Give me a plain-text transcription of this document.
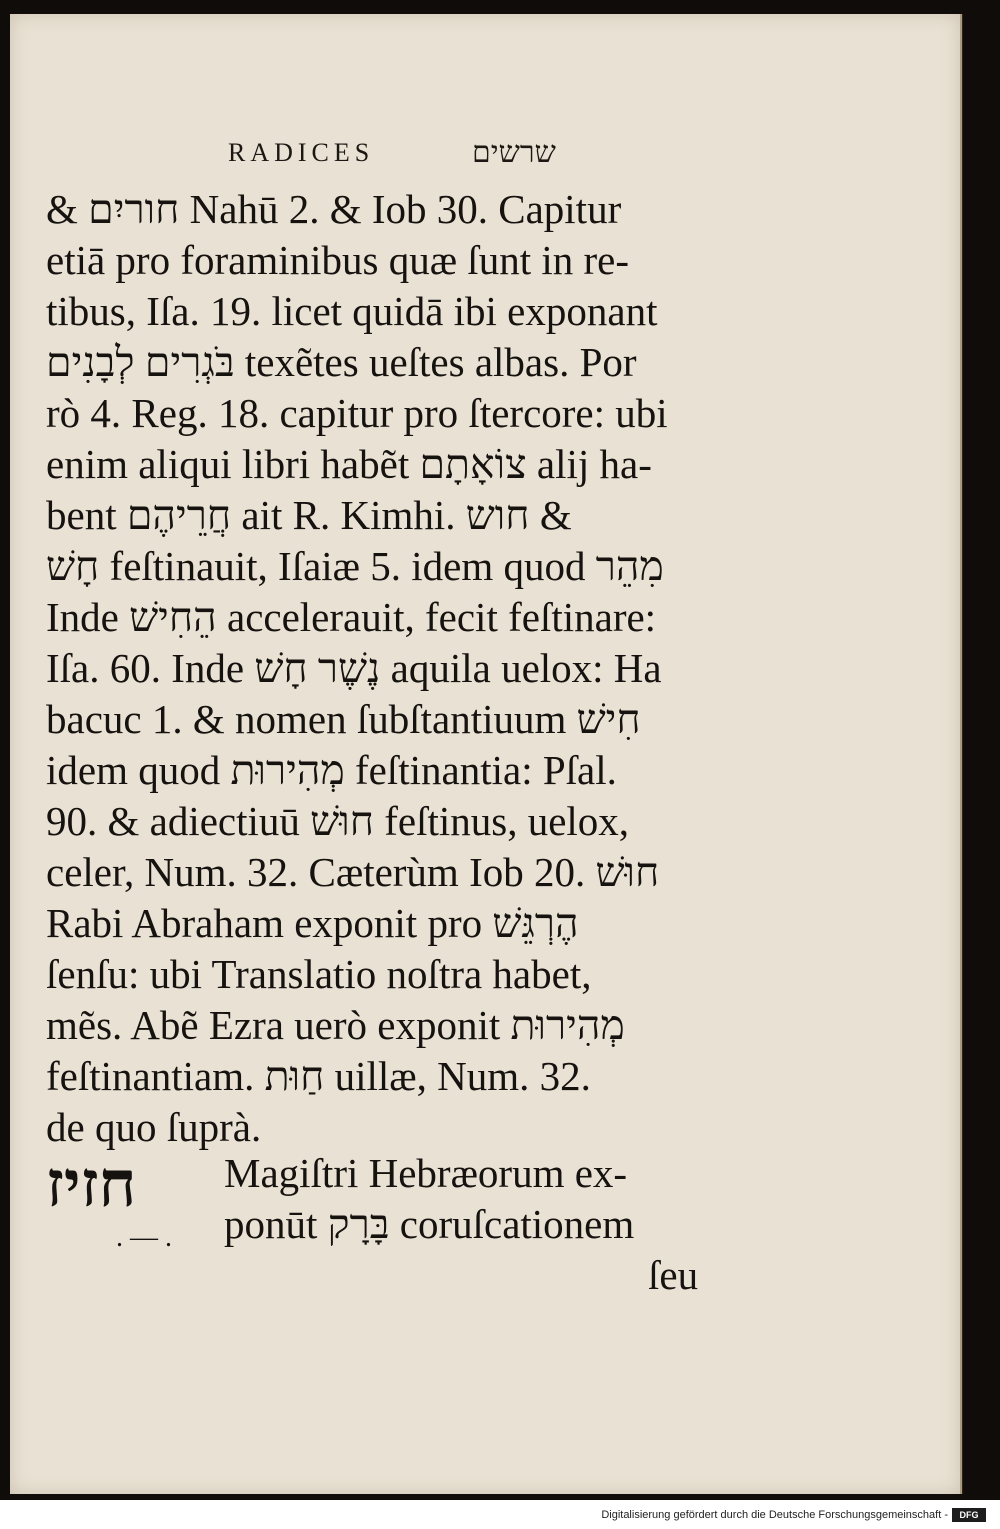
RADICES	שרשים
& חוריִם Nahū 2. & Iob 30. Capitur
etiā pro foraminibus quæ ſunt in re-
tibus, Iſa. 19. licet quidā ibi exponant
בֹּגְרִים לְבָנִים texẽtes ueſtes albas. Por
rò 4. Reg. 18. capitur pro ſtercore: ubi
enim aliqui libri habẽt צוֹאָתָם alij ha-
bent חֲרֵיהֶם ait R. Kimhi. חוש &
חָשׁ feſtinauit, Iſaiæ 5. idem quod מִהֵר
Inde הֵחִישׁ accelerauit, fecit feſtinare:
Iſa. 60. Inde נֶשֶׁר חָשׁ aquila uelox: Ha
bacuc 1. & nomen ſubſtantiuum חִישׁ
idem quod מְהִירוּת feſtinantia: Pſal.
90. & adiectiuū חוּשׁ feſtinus, uelox,
celer, Num. 32. Cæterùm Iob 20. חוּשׁ
Rabi Abraham exponit pro הֶרְגֵּשׁ
ſenſu: ubi Translatio noſtra habet,
mẽs. Abẽ Ezra uerò exponit מְהִירוּת
feſtinantiam. חַוּת uillæ, Num. 32.
de quo ſuprà.
חזיז
. — .
Magiſtri Hebræorum ex-
ponūt בָּרָק coruſcationem
ſeu
Digitalisierung gefördert durch die Deutsche Forschungsgemeinschaft -	DFG
